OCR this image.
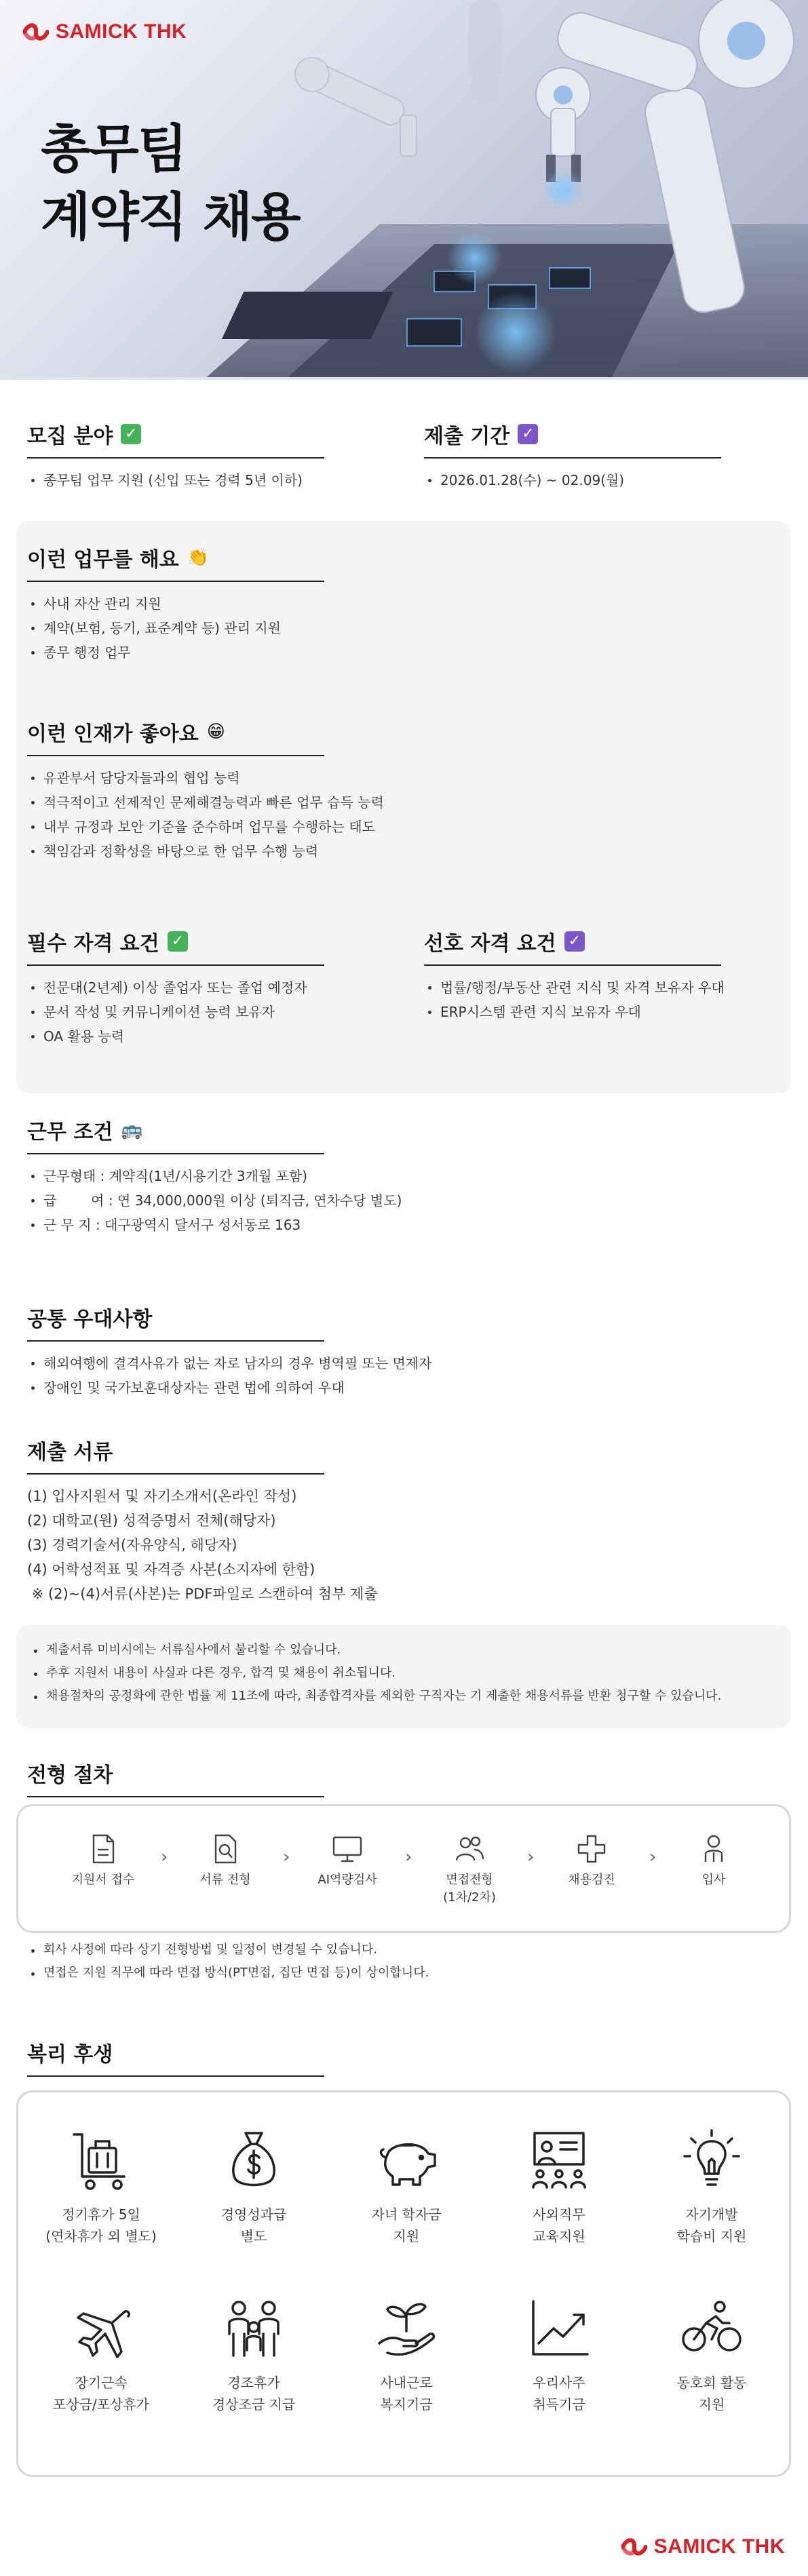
SAMICK THK
총무팀
계약직 채용
모집 분야 ✓
종무팀 업무 지원 (신입 또는 경력 5년 이하)
제출 기간 ✓
2026.01.28(수) ~ 02.09(월)
이런 업무를 해요 👏
사내 자산 관리 지원
계약(보험, 등기, 표준계약 등) 관리 지원
종무 행정 업무
이런 인재가 좋아요 😁
유관부서 담당자들과의 협업 능력
적극적이고 선제적인 문제해결능력과 빠른 업무 습득 능력
내부 규정과 보안 기준을 준수하며 업무를 수행하는 태도
책임감과 정확성을 바탕으로 한 업무 수행 능력
필수 자격 요건 ✓
전문대(2년제) 이상 졸업자 또는 졸업 예정자
문서 작성 및 커뮤니케이션 능력 보유자
OA 활용 능력
선호 자격 요건 ✓
법률/행정/부동산 관련 지식 및 자격 보유자 우대
ERP시스템 관련 지식 보유자 우대
근무 조건 🚌
근무형태 : 계약직(1년/시용기간 3개월 포함)
급        여 : 연 34,000,000원 이상 (퇴직금, 연차수당 별도)
근 무 지 : 대구광역시 달서구 성서동로 163
공통 우대사항
해외여행에 결격사유가 없는 자로 남자의 경우 병역필 또는 면제자
장애인 및 국가보훈대상자는 관련 법에 의하여 우대
제출 서류
(1) 입사지원서 및 자기소개서(온라인 작성)
(2) 대학교(원) 성적증명서 전체(해당자)
(3) 경력기술서(자유양식, 해당자)
(4) 어학성적표 및 자격증 사본(소지자에 한함)
※ (2)~(4)서류(사본)는 PDF파일로 스캔하여 첨부 제출
제출서류 미비시에는 서류심사에서 불리할 수 있습니다.
추후 지원서 내용이 사실과 다른 경우, 합격 및 채용이 취소됩니다.
채용절차의 공정화에 관한 법률 제 11조에 따라, 최종합격자를 제외한 구직자는 기 제출한 채용서류를 반환 청구할 수 있습니다.
전형 절차
지원서 접수
›
서류 전형
›
AI역량검사
›
면접전형
(1차/2차)
›
채용검진
›
입사
회사 사정에 따라 상기 전형방법 및 일정이 변경될 수 있습니다.
면접은 지원 직무에 따라 면접 방식(PT면접, 집단 면접 등)이 상이합니다.
복리 후생
정기휴가 5일
(연차휴가 외 별도)
경영성과급
별도
자녀 학자금
지원
사외직무
교육지원
자기개발
학습비 지원
장기근속
포상금/포상휴가
경조휴가
경상조금 지급
사내근로
복지기금
우리사주
취득기금
동호회 활동
지원
SAMICK THK
